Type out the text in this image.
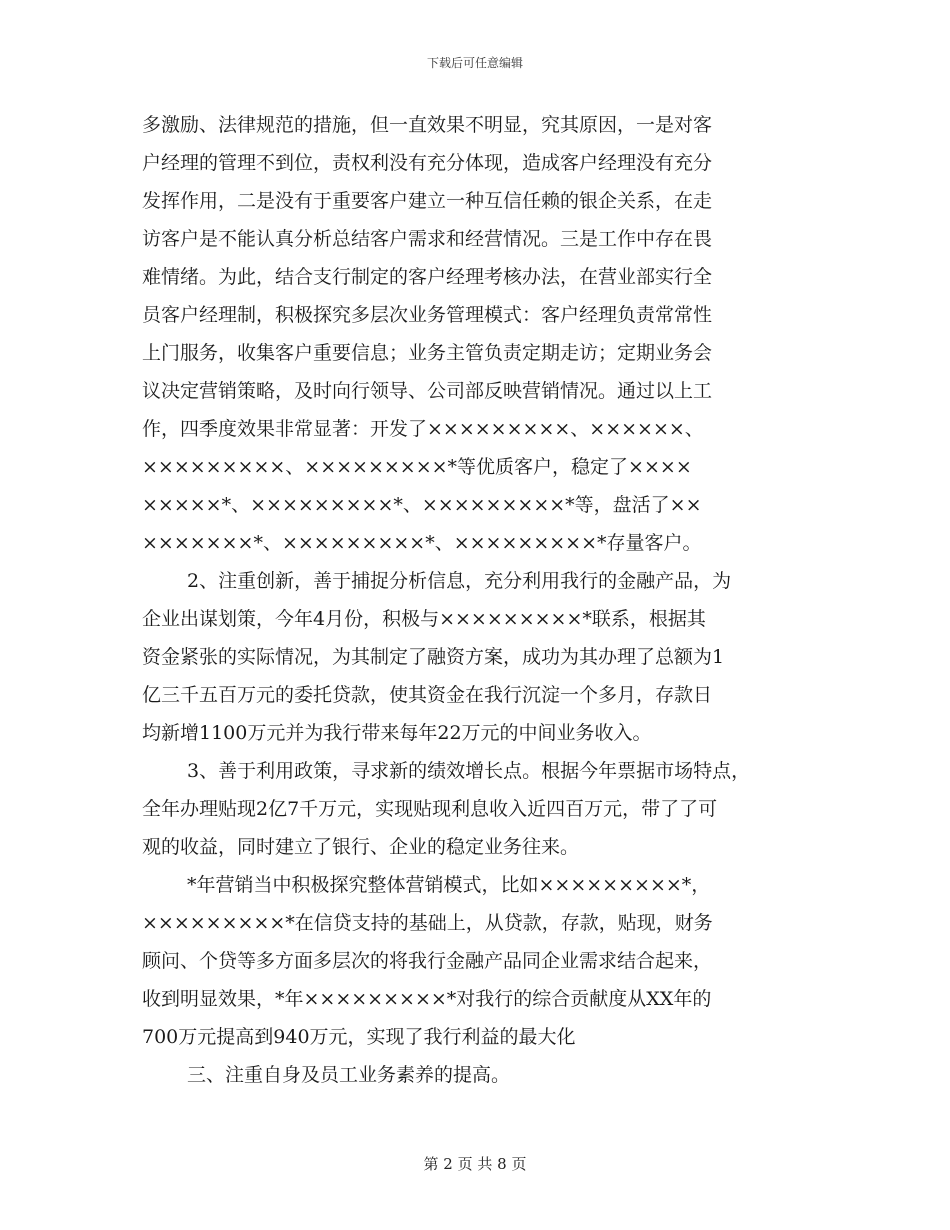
下载后可任意编辑
多激励、法律规范的措施，但一直效果不明显，究其原因，一是对客
户经理的管理不到位，责权利没有充分体现，造成客户经理没有充分
发挥作用，二是没有于重要客户建立一种互信任赖的银企关系，在走
访客户是不能认真分析总结客户需求和经营情况。三是工作中存在畏
难情绪。为此，结合支行制定的客户经理考核办法，在营业部实行全
员客户经理制，积极探究多层次业务管理模式：客户经理负责常常性
上门服务，收集客户重要信息；业务主管负责定期走访；定期业务会
议决定营销策略，及时向行领导、公司部反映营销情况。通过以上工
作，四季度效果非常显著：开发了×××××××××、××××××、
×××××××××、×××××××××*等优质客户，稳定了××××
×××××*、×××××××××*、×××××××××*等，盘活了××
×××××××*、×××××××××*、×××××××××*存量客户。
2、注重创新，善于捕捉分析信息，充分利用我行的金融产品，为
企业出谋划策，今年4月份，积极与×××××××××*联系，根据其
资金紧张的实际情况，为其制定了融资方案，成功为其办理了总额为1
亿三千五百万元的委托贷款，使其资金在我行沉淀一个多月，存款日
均新增1100万元并为我行带来每年22万元的中间业务收入。
3、善于利用政策，寻求新的绩效增长点。根据今年票据市场特点，
全年办理贴现2亿7千万元，实现贴现利息收入近四百万元，带了了可
观的收益，同时建立了银行、企业的稳定业务往来。
*年营销当中积极探究整体营销模式，比如×××××××××*，
×××××××××*在信贷支持的基础上，从贷款，存款，贴现，财务
顾问、个贷等多方面多层次的将我行金融产品同企业需求结合起来，
收到明显效果，*年×××××××××*对我行的综合贡献度从XX年的
700万元提高到940万元，实现了我行利益的最大化
三、注重自身及员工业务素养的提高。
第 2 页 共 8 页
